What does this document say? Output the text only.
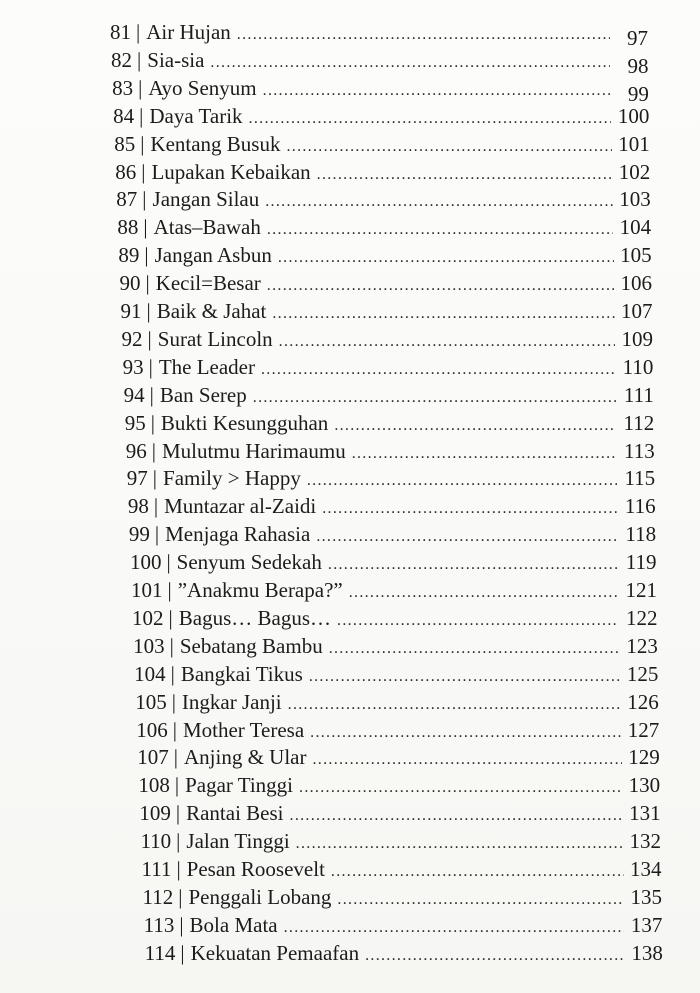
81 | Air Hujan .....	97
82 | Sia-sia .....	98
83 | Ayo Senyum .....	99
84 | Daya Tarik .....	100
85 | Kentang Busuk .....	101
86 | Lupakan Kebaikan .....	102
87 | Jangan Silau .....	103
88 | Atas–Bawah .....	104
89 | Jangan Asbun .....	105
90 | Kecil=Besar .....	106
91 | Baik & Jahat .....	107
92 | Surat Lincoln .....	109
93 | The Leader .....	110
94 | Ban Serep .....	111
95 | Bukti Kesungguhan .....	112
96 | Mulutmu Harimaumu .....	113
97 | Family > Happy .....	115
98 | Muntazar al-Zaidi .....	116
99 | Menjaga Rahasia .....	118
100 | Senyum Sedekah .....	119
101 | ”Anakmu Berapa?” .....	121
102 | Bagus… Bagus… .....	122
103 | Sebatang Bambu .....	123
104 | Bangkai Tikus .....	125
105 | Ingkar Janji .....	126
106 | Mother Teresa .....	127
107 | Anjing & Ular .....	129
108 | Pagar Tinggi .....	130
109 | Rantai Besi .....	131
110 | Jalan Tinggi .....	132
111 | Pesan Roosevelt .....	134
112 | Penggali Lobang .....	135
113 | Bola Mata .....	137
114 | Kekuatan Pemaafan .....	138
